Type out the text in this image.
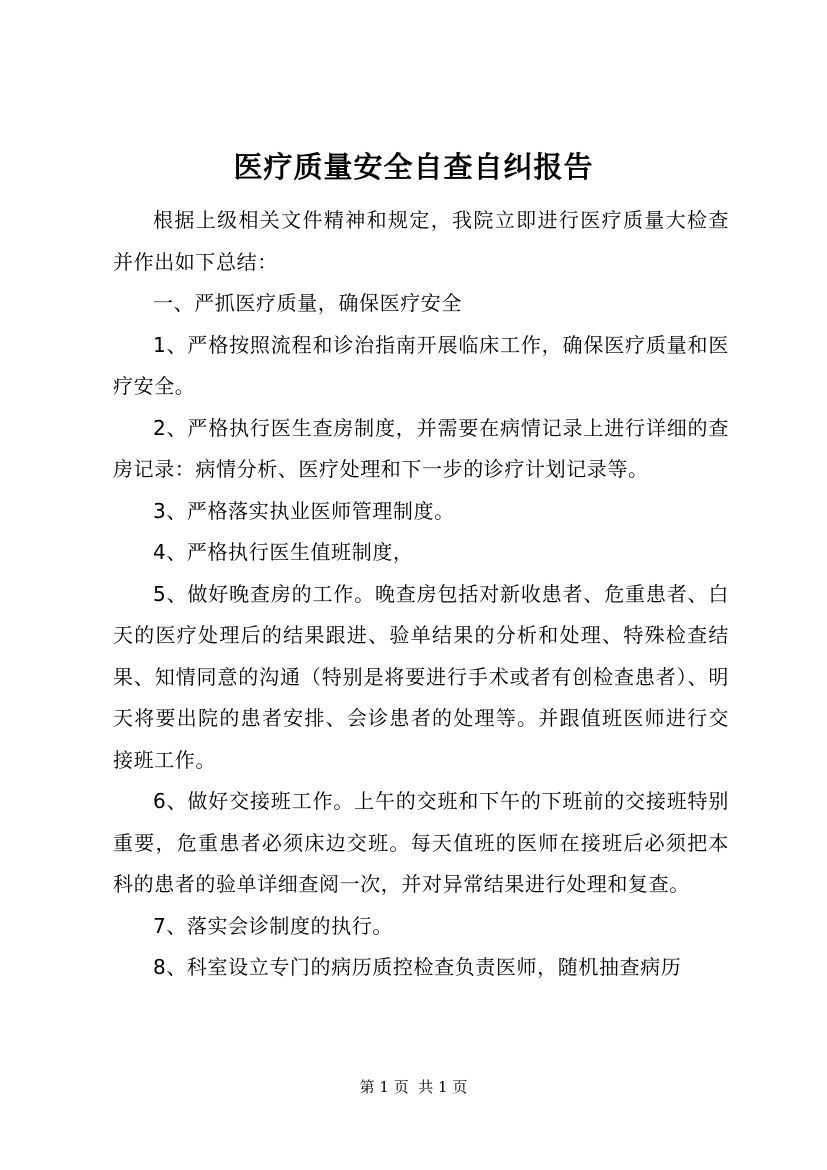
医疗质量安全自查自纠报告

根据上级相关文件精神和规定，我院立即进行医疗质量大检查并作出如下总结：

一、严抓医疗质量，确保医疗安全

1、严格按照流程和诊治指南开展临床工作，确保医疗质量和医疗安全。

2、严格执行医生查房制度，并需要在病情记录上进行详细的查房记录：病情分析、医疗处理和下一步的诊疗计划记录等。

3、严格落实执业医师管理制度。

4、严格执行医生值班制度，

5、做好晚查房的工作。晚查房包括对新收患者、危重患者、白天的医疗处理后的结果跟进、验单结果的分析和处理、特殊检查结果、知情同意的沟通（特别是将要进行手术或者有创检查患者）、明天将要出院的患者安排、会诊患者的处理等。并跟值班医师进行交接班工作。

6、做好交接班工作。上午的交班和下午的下班前的交接班特别重要，危重患者必须床边交班。每天值班的医师在接班后必须把本科的患者的验单详细查阅一次，并对异常结果进行处理和复查。

7、落实会诊制度的执行。

8、科室设立专门的病历质控检查负责医师，随机抽查病历

第 1 页  共 1 页
